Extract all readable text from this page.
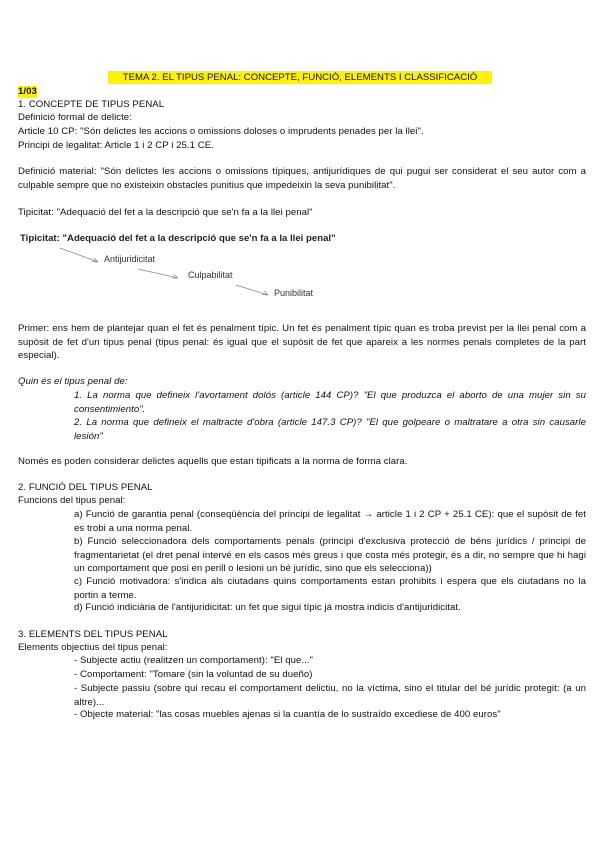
TEMA 2. EL TIPUS PENAL: CONCEPTE, FUNCIÓ, ELEMENTS I CLASSIFICACIÓ
1/03
1. CONCEPTE DE TIPUS PENAL
Definició formal de delicte:
Article 10 CP: "Són delictes les accions o omissions doloses o imprudents penades per la llei".
Principi de legalitat: Article 1 i 2 CP i 25.1 CE.
Definició material: "Són delictes les accions o omissions típiques, antijurídiques de qui pugui ser considerat el seu autor com a culpable sempre que no existeixin obstacles punitius que impedeixin la seva punibilitat".
Tipicitat: "Adequació del fet a la descripció que se'n fa a la llei penal"
Tipicitat: "Adequació del fet a la descripció que se'n fa a la llei penal"
Antijuridicitat
Culpabilitat
Punibilitat
Primer: ens hem de plantejar quan el fet és penalment típic. Un fet és penalment típic quan es troba previst per la llei penal com a supòsit de fet d'un tipus penal (tipus penal: és igual que el supòsit de fet que apareix a les normes penals completes de la part especial).
Quin és el tipus penal de:
1. La norma que defineix l'avortament dolós (article 144 CP)? "El que produzca el aborto de una mujer sin su consentimiento".
2. La norma que defineix el maltracte d'obra (article 147.3 CP)? "El que golpeare o maltratare a otra sin causarle lesión"
Només es poden considerar delictes aquells que estan tipificats a la norma de forma clara.
2. FUNCIÓ DEL TIPUS PENAL
Funcions del tipus penal:
a) Funció de garantia penal (conseqüència del principi de legalitat → article 1 i 2 CP + 25.1 CE): que el supòsit de fet es trobi a una norma penal.
b) Funció seleccionadora dels comportaments penals (principi d'exclusiva protecció de béns jurídics / principi de fragmentarietat (el dret penal intervé en els casos més greus i que costa més protegir, és a dir, no sempre que hi hagi un comportament que posi en perill o lesioni un bé jurídic, sino que els selecciona))
c) Funció motivadora: s'indica als ciutadans quins comportaments estan prohibits i espera que els ciutadans no la portin a terme.
d) Funció indiciària de l'antijuridicitat: un fet que sigui típic já mostra indicis d'antijuridicitat.
3. ELEMENTS DEL TIPUS PENAL
Elements objectius del tipus penal:
- Subjecte actiu (realitzen un comportament): "El que..."
- Comportament: "Tomare (sin la voluntad de su dueño)
- Subjecte passiu (sobre qui recau el comportament delictiu, no la víctima, sino el titular del bé jurídic protegit: (a un altre)...
- Objecte material: "las cosas muebles ajenas si la cuantía de lo sustraído excediese de 400 euros"
